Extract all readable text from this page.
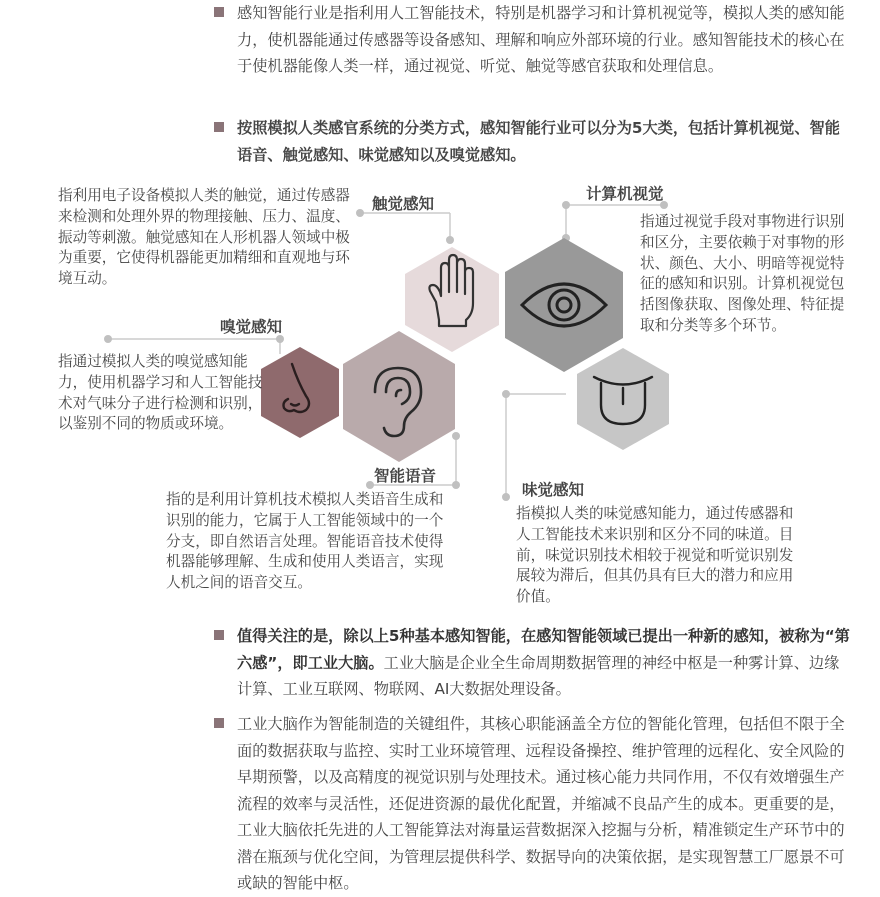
感知智能行业是指利用人工智能技术，特别是机器学习和计算机视觉等，模拟人类的感知能力，使机器能通过传感器等设备感知、理解和响应外部环境的行业。感知智能技术的核心在于使机器能像人类一样，通过视觉、听觉、触觉等感官获取和处理信息。
按照模拟人类感官系统的分类方式，感知智能行业可以分为5大类，包括计算机视觉、智能语音、触觉感知、味觉感知以及嗅觉感知。
值得关注的是，除以上5种基本感知智能，在感知智能领域已提出一种新的感知，被称为“第六感”，即工业大脑。工业大脑是企业全生命周期数据管理的神经中枢是一种雾计算、边缘计算、工业互联网、物联网、AI大数据处理设备。
工业大脑作为智能制造的关键组件，其核心职能涵盖全方位的智能化管理，包括但不限于全面的数据获取与监控、实时工业环境管理、远程设备操控、维护管理的远程化、安全风险的早期预警，以及高精度的视觉识别与处理技术。通过核心能力共同作用，不仅有效增强生产流程的效率与灵活性，还促进资源的最优化配置，并缩减不良品产生的成本。更重要的是，工业大脑依托先进的人工智能算法对海量运营数据深入挖掘与分析，精准锁定生产环节中的潜在瓶颈与优化空间，为管理层提供科学、数据导向的决策依据，是实现智慧工厂愿景不可或缺的智能中枢。
触觉感知
计算机视觉
嗅觉感知
智能语音
味觉感知
指利用电子设备模拟人类的触觉，通过传感器来检测和处理外界的物理接触、压力、温度、振动等刺激。触觉感知在人形机器人领域中极为重要，它使得机器能更加精细和直观地与环境互动。
指通过视觉手段对事物进行识别和区分，主要依赖于对事物的形状、颜色、大小、明暗等视觉特征的感知和识别。计算机视觉包括图像获取、图像处理、特征提取和分类等多个环节。
指通过模拟人类的嗅觉感知能力，使用机器学习和人工智能技术对气味分子进行检测和识别，以鉴别不同的物质或环境。
指的是利用计算机技术模拟人类语音生成和识别的能力，它属于人工智能领域中的一个分支，即自然语言处理。智能语音技术使得机器能够理解、生成和使用人类语言，实现人机之间的语音交互。
指模拟人类的味觉感知能力，通过传感器和人工智能技术来识别和区分不同的味道。目前，味觉识别技术相较于视觉和听觉识别发展较为滞后，但其仍具有巨大的潜力和应用价值。
